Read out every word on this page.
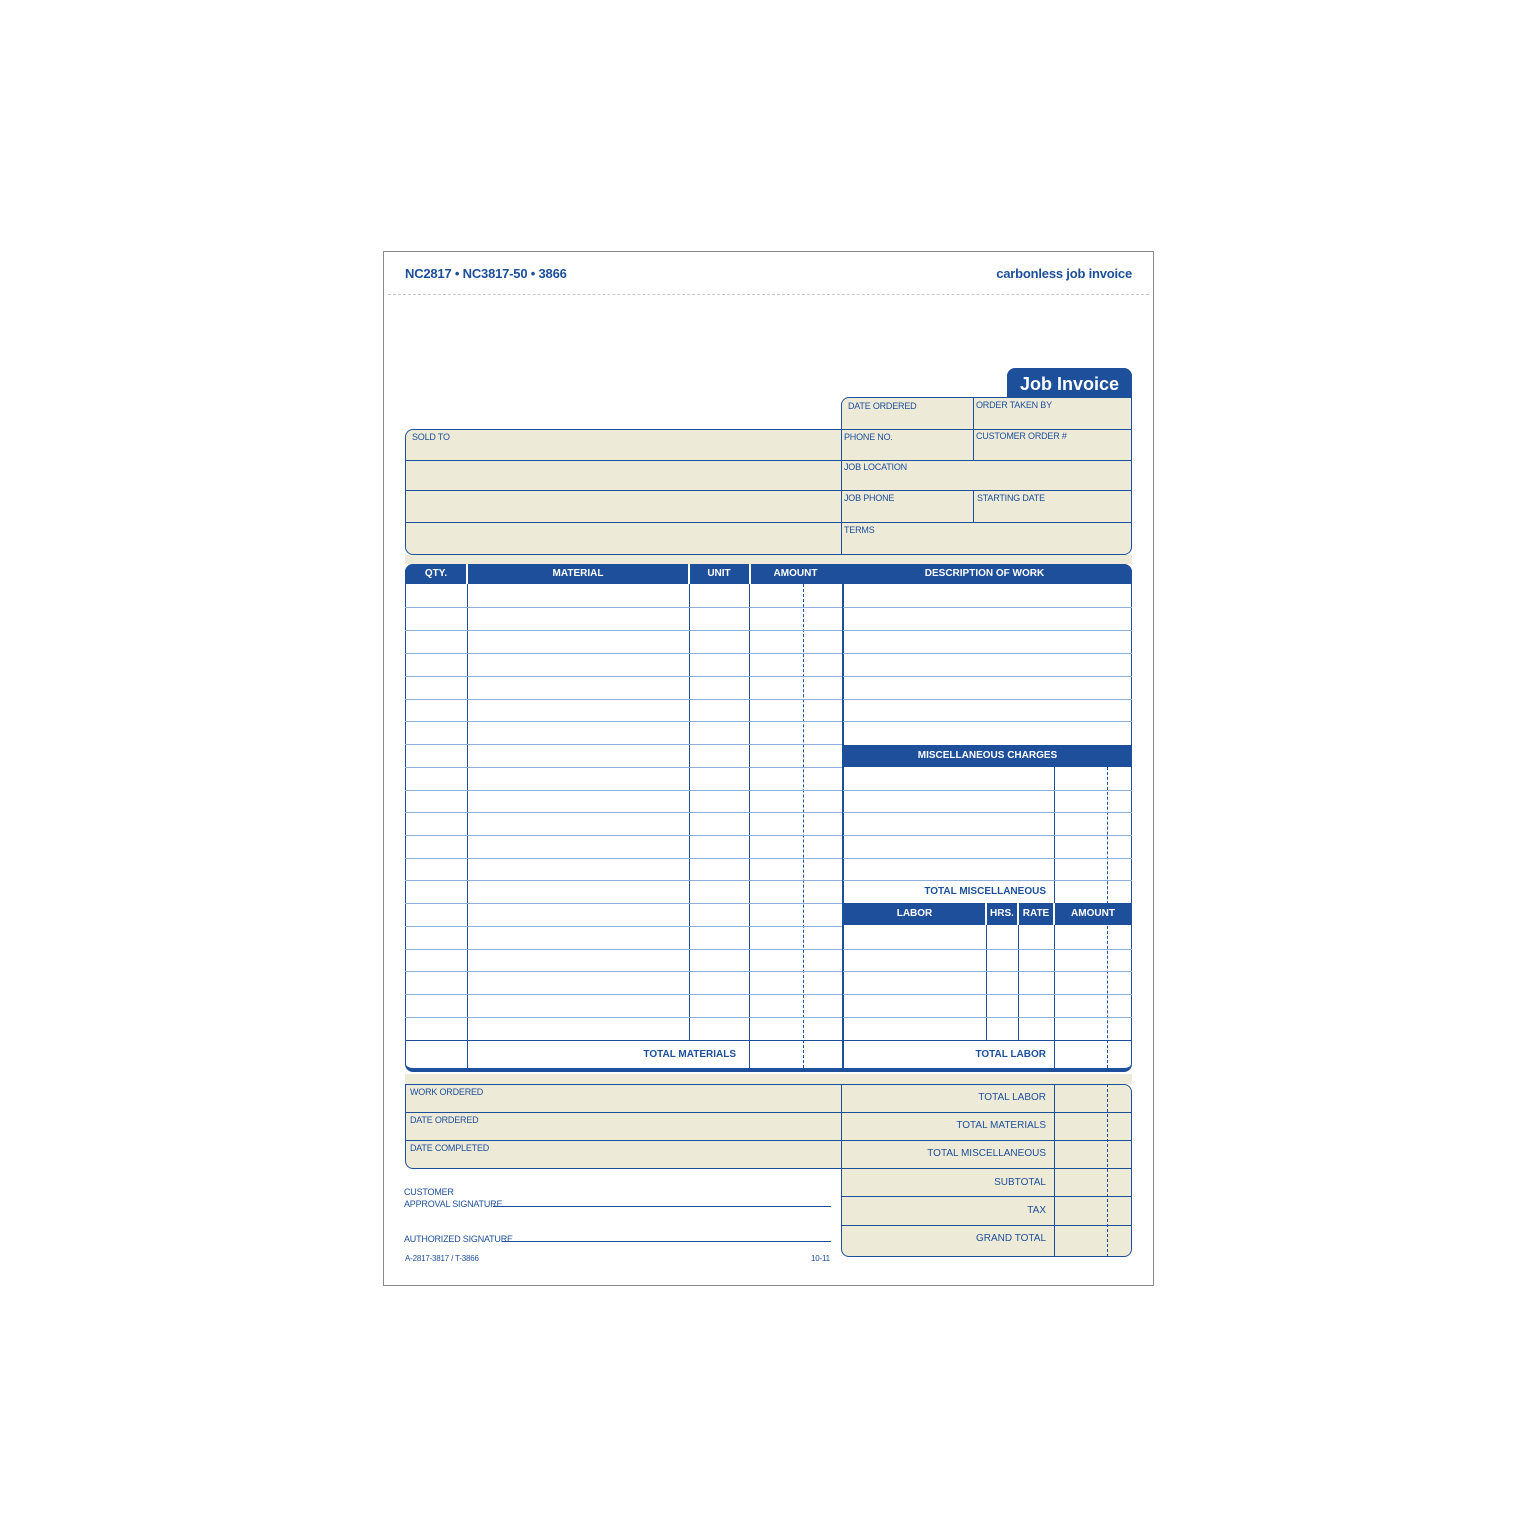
NC2817 • NC3817-50 • 3866	carbonless job invoice
Job Invoice
DATE ORDERED	ORDER TAKEN BY
PHONE NO.	CUSTOMER ORDER #
JOB LOCATION
JOB PHONE	STARTING DATE
TERMS
SOLD TO
QTY.	MATERIAL	UNIT	AMOUNT	DESCRIPTION OF WORK
TOTAL MATERIALS
MISCELLANEOUS CHARGES
TOTAL MISCELLANEOUS
LABOR	HRS. RATE	AMOUNT
TOTAL LABOR
WORK ORDERED
DATE ORDERED
DATE COMPLETED
TOTAL LABOR
TOTAL MATERIALS
TOTAL MISCELLANEOUS
SUBTOTAL
TAX
GRAND TOTAL
CUSTOMER
APPROVAL SIGNATURE
AUTHORIZED SIGNATURE
A-2817-3817 / T-3866	10-11
